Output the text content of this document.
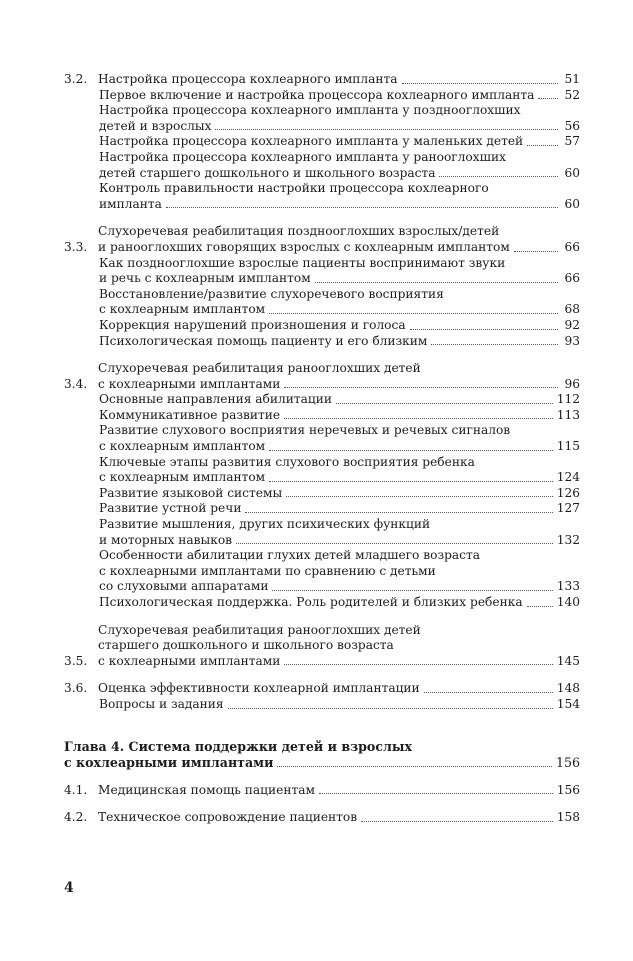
3.2. Настройка процессора кохлеарного импланта	51
Первое включение и настройка процессора кохлеарного импланта 52
Настройка процессора кохлеарного импланта у позднооглохших
детей и взрослых	56
Настройка процессора кохлеарного импланта у маленьких детей	57
Настройка процессора кохлеарного импланта у ранооглохших
детей старшего дошкольного и школьного возраста	60
Контроль правильности настройки процессора кохлеарного
импланта	60
3.3.
Слухоречевая реабилитация позднооглохших взрослых/детей
и ранооглохших говорящих взрослых с кохлеарным имплантом	66
Как позднооглохшие взрослые пациенты воспринимают звуки
и речь с кохлеарным имплантом	66
Восстановление/развитие слухоречевого восприятия
с кохлеарным имплантом	68
Коррекция нарушений произношения и голоса	92
Психологическая помощь пациенту и его близким	93
3.4.
Слухоречевая реабилитация ранооглохших детей
с кохлеарными имплантами	96
Основные направления абилитации	112
Коммуникативное развитие	113
Развитие слухового восприятия неречевых и речевых сигналов
с кохлеарным имплантом	115
Ключевые этапы развития слухового восприятия ребенка
с кохлеарным имплантом	124
Развитие языковой системы	126
Развитие устной речи	127
Развитие мышления, других психических функций
и моторных навыков	132
Особенности абилитации глухих детей младшего возраста
с кохлеарными имплантами по сравнению с детьми
со слуховыми аппаратами	133
Психологическая поддержка. Роль родителей и близких ребенка	140
3.5.
Слухоречевая реабилитация ранооглохших детей
старшего дошкольного и школьного возраста
с кохлеарными имплантами	145
3.6. Оценка эффективности кохлеарной имплантации	148
Вопросы и задания	154
Глава 4. Система поддержки детей и взрослых
с кохлеарными имплантами	156
4.1. Медицинская помощь пациентам	156
4.2. Техническое сопровождение пациентов	158
4
